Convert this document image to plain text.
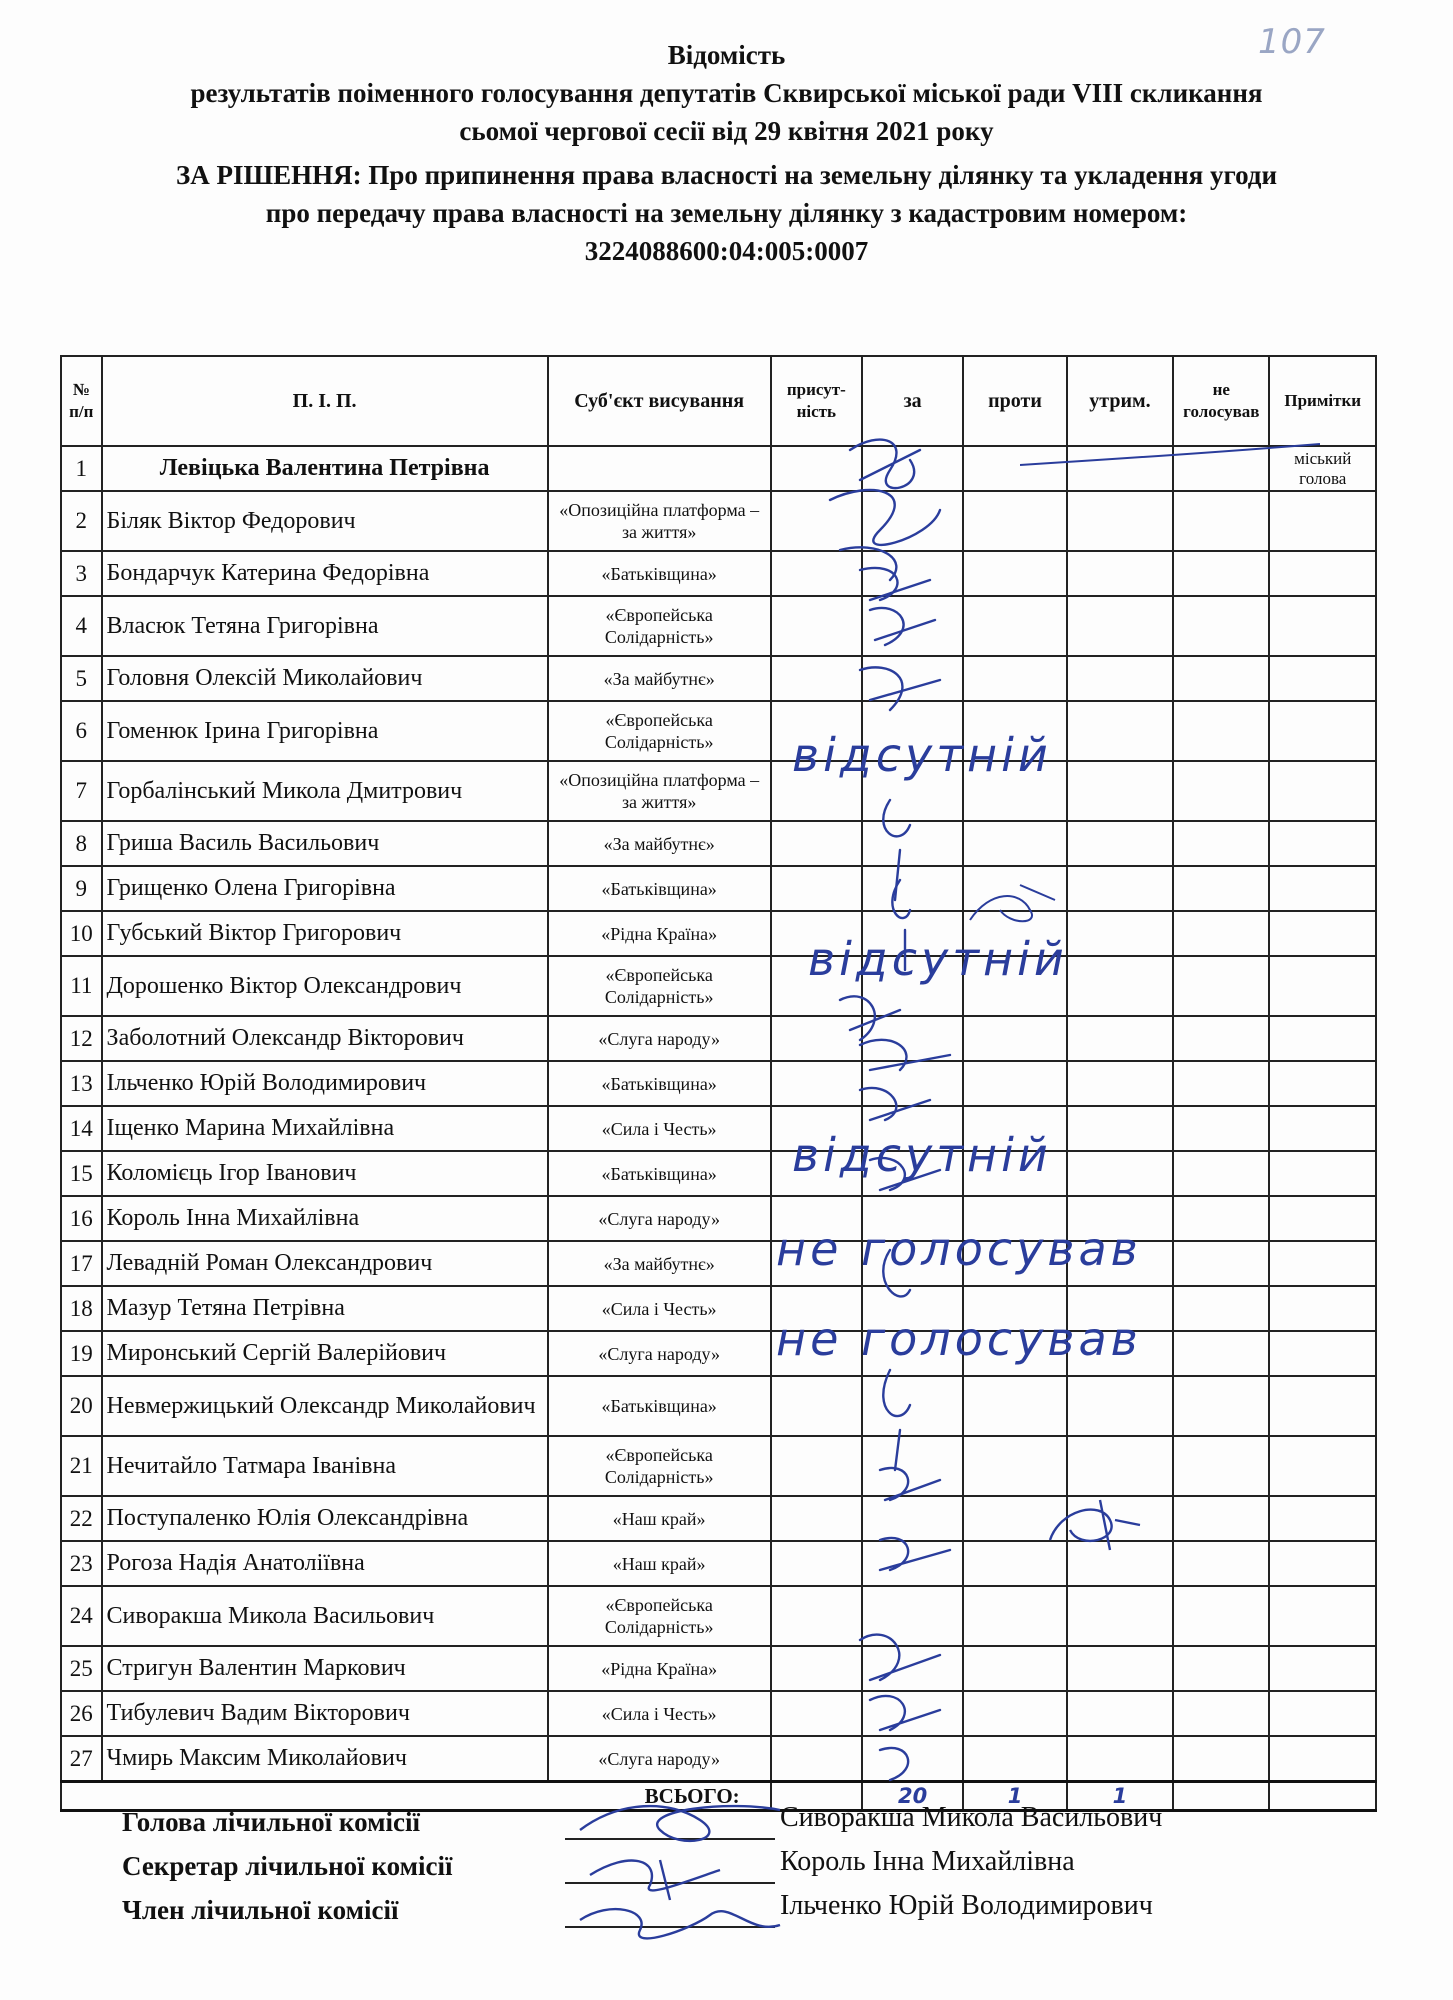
107
Відомість
результатів поіменного голосування депутатів Сквирської міської ради VIII скликання
сьомої чергової сесії від 29 квітня 2021 року
ЗА РІШЕННЯ: Про припинення права власності на земельну ділянку та укладення угоди
про передачу права власності на земельну ділянку з кадастровим номером:
3224088600:04:005:0007
№ п/п	П. І. П.	Суб'єкт висування	присут-ність	за	проти	утрим.	не голосував	Примітки
1	Левіцька Валентина Петрівна							міський голова
2	Біляк Віктор Федорович	«Опозиційна платформа – за життя»						
3	Бондарчук Катерина Федорівна	«Батьківщина»						
4	Власюк Тетяна Григорівна	«Європейська Солідарність»						
5	Головня Олексій Миколайович	«За майбутнє»						
6	Гоменюк Ірина Григорівна	«Європейська Солідарність»						
7	Горбалінський Микола Дмитрович	«Опозиційна платформа – за життя»						
8	Гриша Василь Васильович	«За майбутнє»						
9	Грищенко Олена Григорівна	«Батьківщина»						
10	Губський Віктор Григорович	«Рідна Країна»						
11	Дорошенко Віктор Олександрович	«Європейська Солідарність»						
12	Заболотний Олександр Вікторович	«Слуга народу»						
13	Ільченко Юрій Володимирович	«Батьківщина»						
14	Іщенко Марина Михайлівна	«Сила і Честь»						
15	Коломієць Ігор Іванович	«Батьківщина»						
16	Король Інна Михайлівна	«Слуга народу»						
17	Левадній Роман Олександрович	«За майбутнє»						
18	Мазур Тетяна Петрівна	«Сила і Честь»						
19	Миронський Сергій Валерійович	«Слуга народу»						
20	Невмержицький Олександр Миколайович	«Батьківщина»						
21	Нечитайло Татмара Іванівна	«Європейська Солідарність»						
22	Поступаленко Юлія Олександрівна	«Наш край»						
23	Рогоза Надія Анатоліївна	«Наш край»						
24	Сиворакша Микола Васильович	«Європейська Солідарність»						
25	Стригун Валентин Маркович	«Рідна Країна»						
26	Тибулевич Вадим Вікторович	«Сила і Честь»						
27	Чмирь Максим Миколайович	«Слуга народу»						
ВСЬОГО:				20	1	1		
відсутній
відсутній
відсутній
не голосував
не голосував
Голова лічильної комісії
Секретар лічильної комісії
Член лічильної комісії
Сиворакша Микола Васильович
Король Інна Михайлівна
Ільченко Юрій Володимирович
